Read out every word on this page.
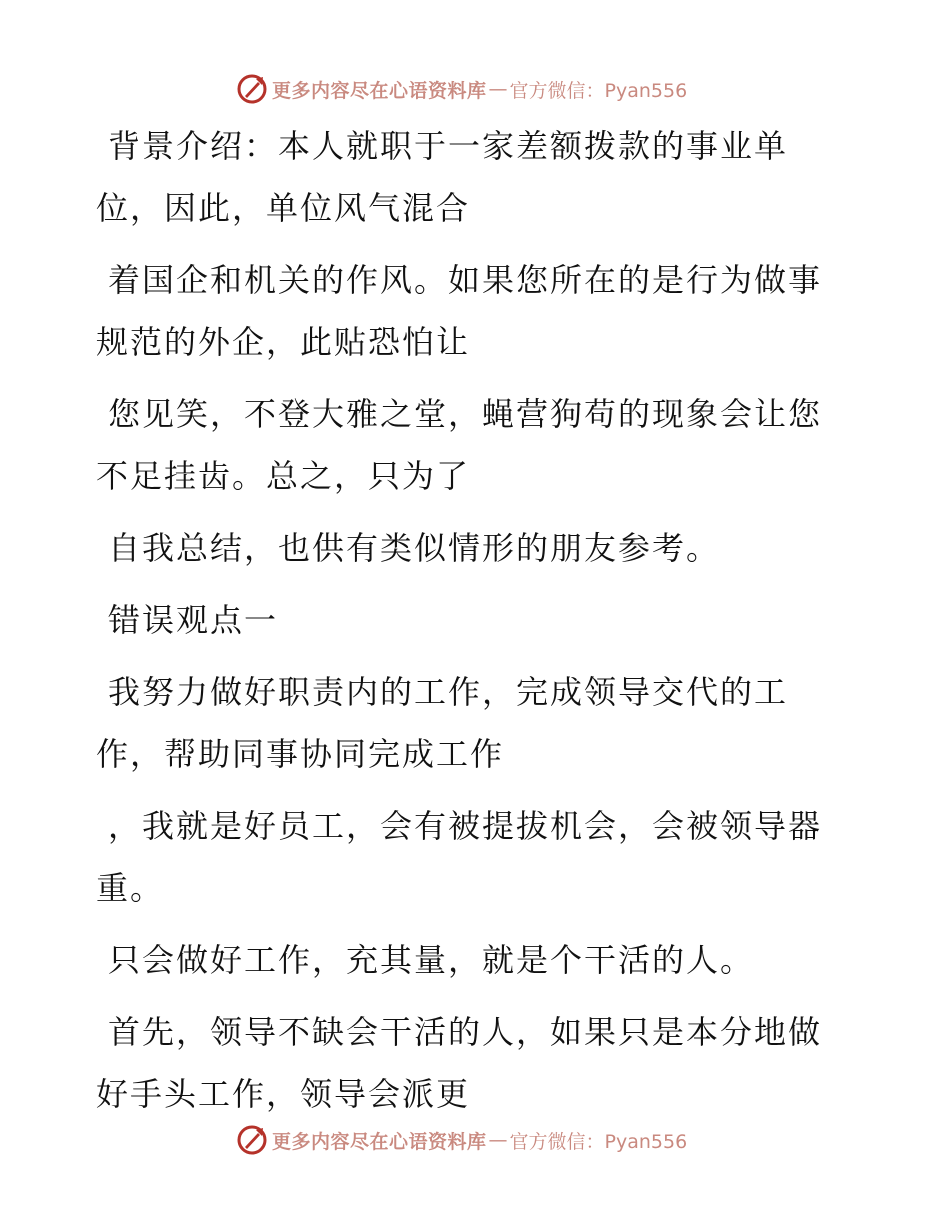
更多内容尽在心语资料库 — 官方微信：Pyan556

背景介绍：本人就职于一家差额拨款的事业单位，因此，单位风气混合

着国企和机关的作风。如果您所在的是行为做事规范的外企，此贴恐怕让

您见笑，不登大雅之堂，蝇营狗苟的现象会让您不足挂齿。总之，只为了

自我总结，也供有类似情形的朋友参考。

错误观点一

我努力做好职责内的工作，完成领导交代的工作，帮助同事协同完成工作

，我就是好员工，会有被提拔机会，会被领导器重。

只会做好工作，充其量，就是个干活的人。

首先，领导不缺会干活的人，如果只是本分地做好手头工作，领导会派更

更多内容尽在心语资料库 — 官方微信：Pyan556
